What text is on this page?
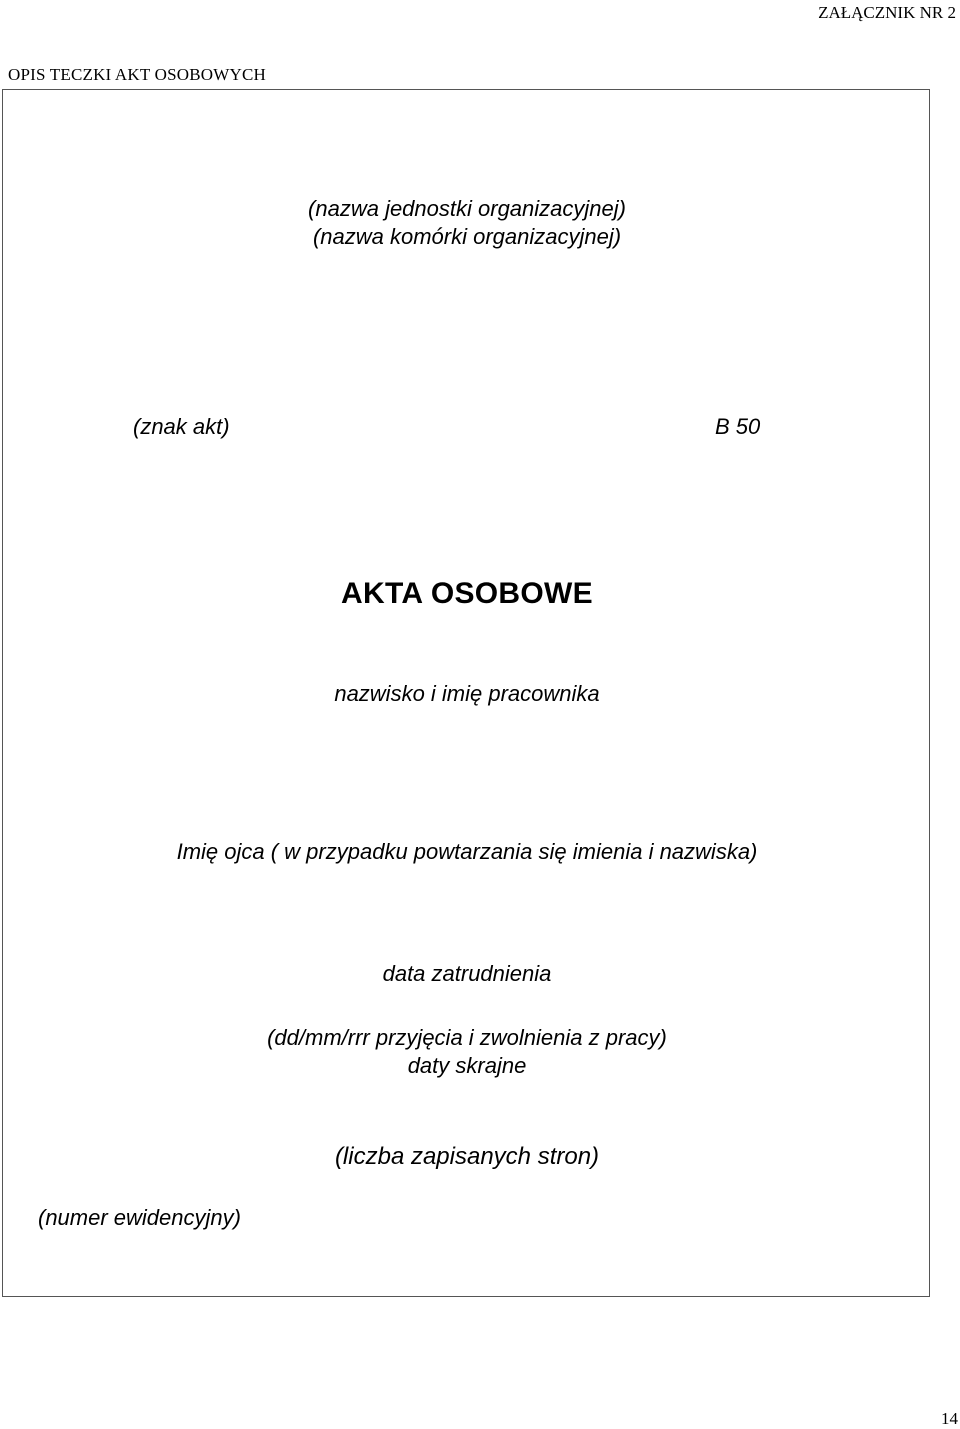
ZAŁĄCZNIK NR 2
OPIS TECZKI AKT OSOBOWYCH
(nazwa jednostki organizacyjnej)
(nazwa komórki organizacyjnej)
(znak akt)	B 50
AKTA OSOBOWE
nazwisko i imię pracownika
Imię ojca ( w przypadku powtarzania się imienia i nazwiska)
data zatrudnienia
(dd/mm/rrr przyjęcia i zwolnienia z pracy)
daty skrajne
(liczba zapisanych stron)
(numer ewidencyjny)
14
